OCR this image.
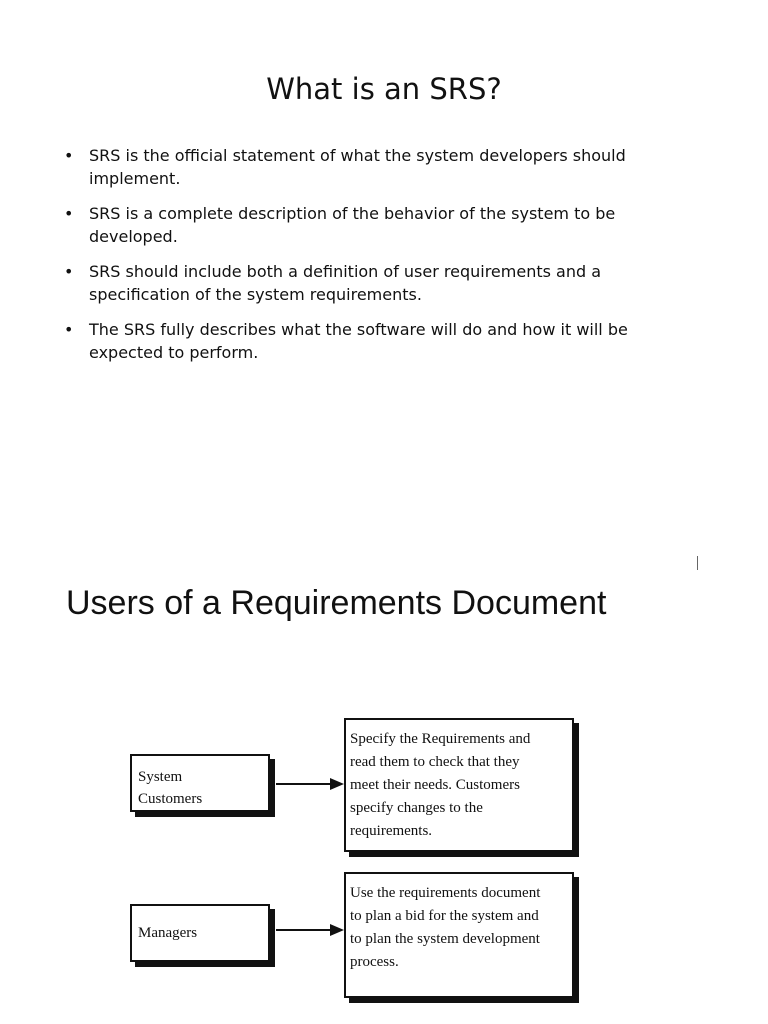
What is an SRS?
• SRS is the official statement of what the system developers should
implement.
• SRS is a complete description of the behavior of the system to be
developed.
• SRS should include both a definition of user requirements and a
specification of the system requirements.
• The SRS fully describes what the software will do and how it will be
expected to perform.
Users of a Requirements Document
System
Customers
Specify the Requirements and
read them to check that they
meet their needs. Customers
specify changes to the
requirements.
Managers
Use the requirements document
to plan a bid for the system and
to plan the system development
process.
